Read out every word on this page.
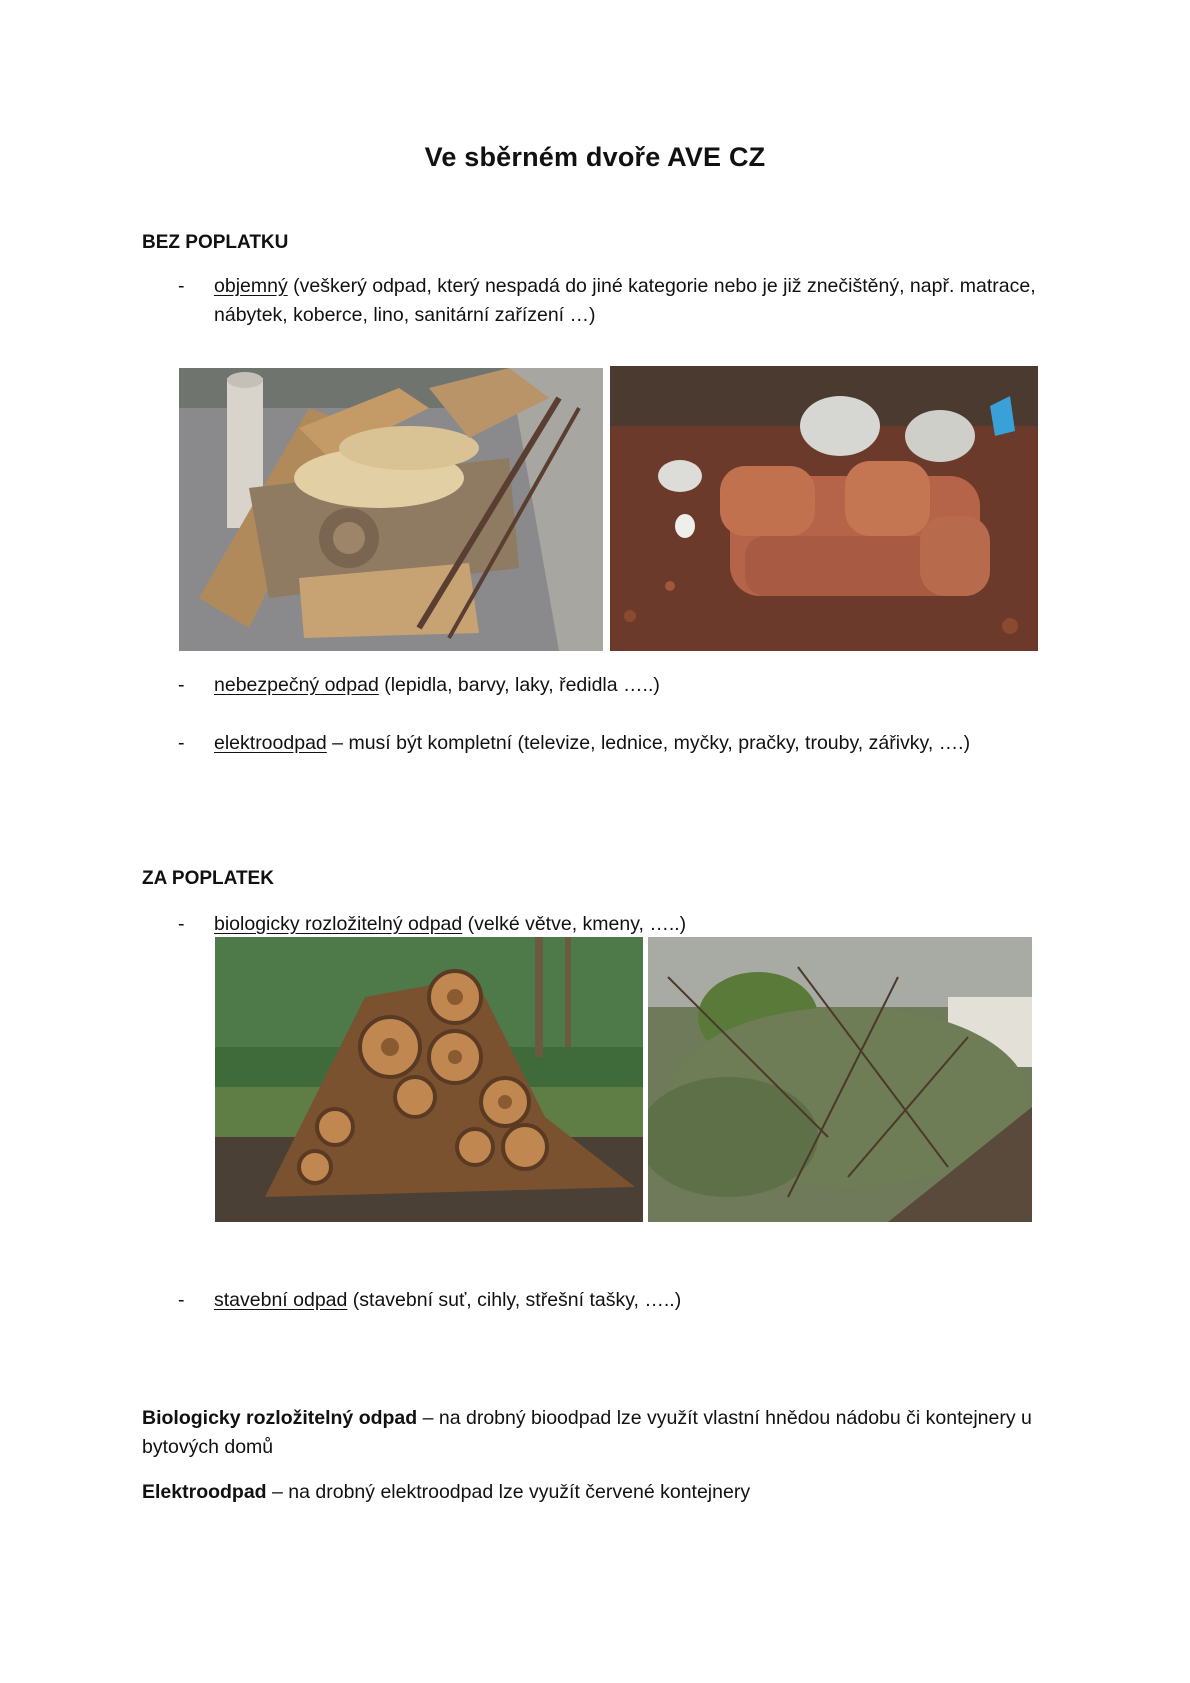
Ve sběrném dvoře AVE CZ
BEZ POPLATKU
- objemný (veškerý odpad, který nespadá do jiné kategorie nebo je již znečištěný, např. matrace, nábytek, koberce, lino, sanitární zařízení …)
- nebezpečný odpad (lepidla, barvy, laky, ředidla …..)
- elektroodpad – musí být kompletní (televize, lednice, myčky, pračky, trouby, zářivky, ….)
ZA POPLATEK
- biologicky rozložitelný odpad (velké větve, kmeny, …..)
- stavební odpad (stavební suť, cihly, střešní tašky, …..)
Biologicky rozložitelný odpad – na drobný bioodpad lze využít vlastní hnědou nádobu či kontejnery u bytových domů
Elektroodpad – na drobný elektroodpad lze využít červené kontejnery
